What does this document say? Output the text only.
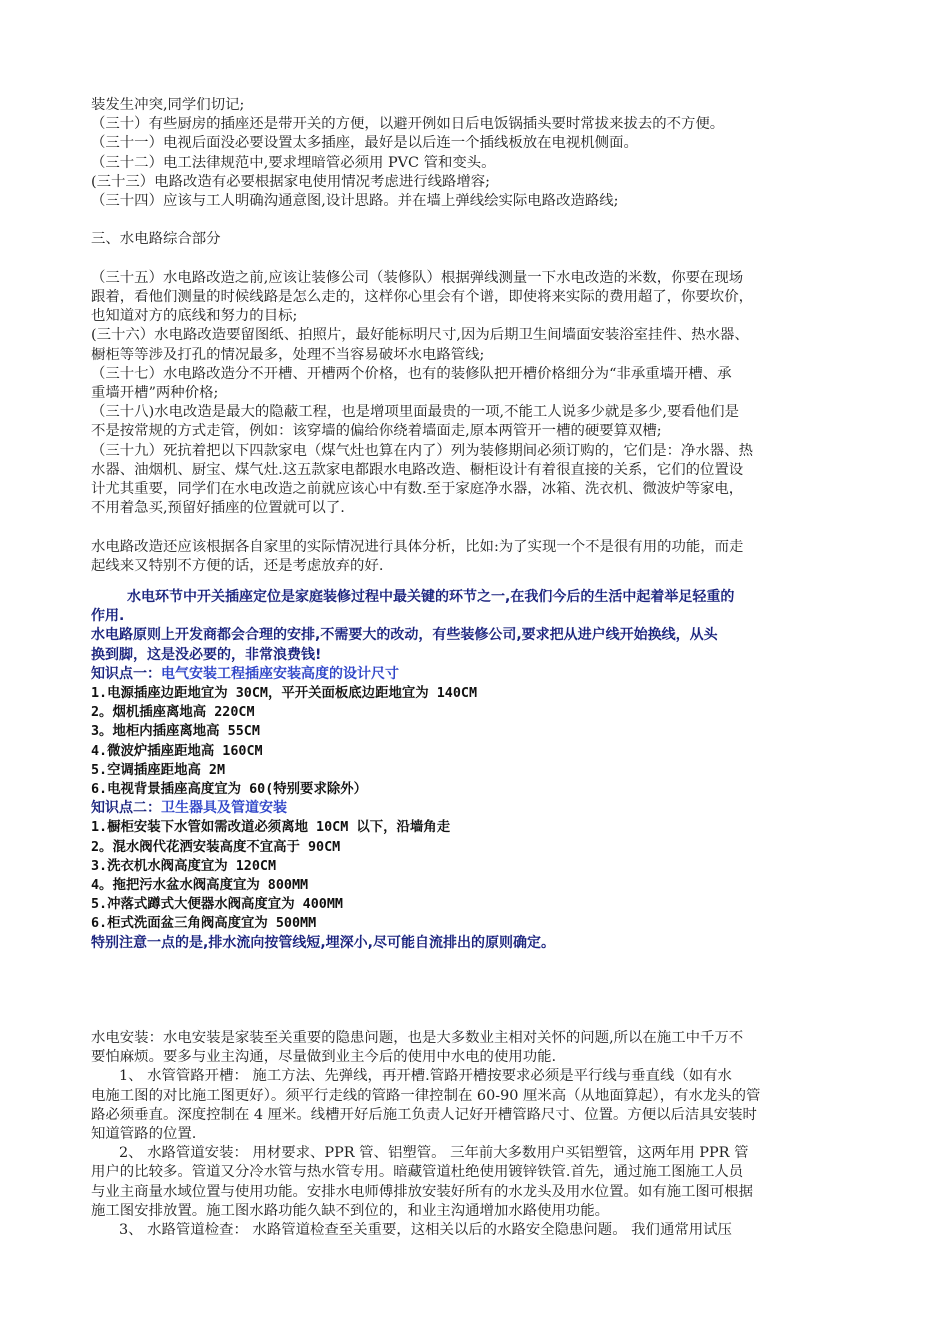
装发生冲突,同学们切记;

（三十）有些厨房的插座还是带开关的方便，以避开例如日后电饭锅插头要时常拔来拔去的不方便。

（三十一）电视后面没必要设置太多插座，最好是以后连一个插线板放在电视机侧面。

（三十二）电工法律规范中,要求埋暗管必须用 PVC 管和变头。

(三十三）电路改造有必要根据家电使用情况考虑进行线路增容;

（三十四）应该与工人明确沟通意图,设计思路。并在墙上弹线绘实际电路改造路线;

三、水电路综合部分

（三十五）水电路改造之前,应该让装修公司（装修队）根据弹线测量一下水电改造的米数，你要在现场

跟着，看他们测量的时候线路是怎么走的，这样你心里会有个谱，即使将来实际的费用超了，你要坎价，

也知道对方的底线和努力的目标;

(三十六）水电路改造要留图纸、拍照片，最好能标明尺寸,因为后期卫生间墙面安装浴室挂件、热水器、

橱柜等等涉及打孔的情况最多，处理不当容易破坏水电路管线;

（三十七）水电路改造分不开槽、开槽两个价格，也有的装修队把开槽价格细分为“非承重墙开槽、承

重墙开槽”两种价格;

（三十八)水电改造是最大的隐蔽工程，也是增项里面最贵的一项,不能工人说多少就是多少,要看他们是

不是按常规的方式走管，例如：该穿墙的偏给你绕着墙面走,原本两管开一槽的硬要算双槽;

（三十九）死抗着把以下四款家电（煤气灶也算在内了）列为装修期间必须订购的，它们是：净水器、热

水器、油烟机、厨宝、煤气灶.这五款家电都跟水电路改造、橱柜设计有着很直接的关系，它们的位置设

计尤其重要，同学们在水电改造之前就应该心中有数.至于家庭净水器，冰箱、洗衣机、微波炉等家电，

不用着急买,预留好插座的位置就可以了.

水电路改造还应该根据各自家里的实际情况进行具体分析，比如:为了实现一个不是很有用的功能，而走

起线来又特别不方便的话，还是考虑放弃的好.

水电环节中开关插座定位是家庭装修过程中最关键的环节之一,在我们今后的生活中起着举足轻重的

作用.

水电路原则上开发商都会合理的安排,不需要大的改动，有些装修公司,要求把从进户线开始换线，从头

换到脚，这是没必要的，非常浪费钱!

知识点一：电气安装工程插座安装高度的设计尺寸

1.电源插座边距地宜为 30CM，平开关面板底边距地宜为 140CM

2。烟机插座离地高 220CM

3。地柜内插座离地高 55CM

4.微波炉插座距地高 160CM

5.空调插座距地高 2M

6.电视背景插座高度宜为 60(特别要求除外）

知识点二：卫生器具及管道安装

1.橱柜安装下水管如需改道必须离地 10CM 以下，沿墙角走

2。混水阀代花洒安装高度不宜高于 90CM

3.洗衣机水阀高度宜为 120CM

4。拖把污水盆水阀高度宜为 800MM

5.冲落式蹲式大便器水阀高度宜为 400MM

6.柜式洗面盆三角阀高度宜为 500MM

特别注意一点的是,排水流向按管线短,埋深小,尽可能自流排出的原则确定。

水电安装：水电安装是家装至关重要的隐患问题，也是大多数业主相对关怀的问题,所以在施工中千万不

要怕麻烦。要多与业主沟通，尽量做到业主今后的使用中水电的使用功能.

1、 水管管路开槽： 施工方法、先弹线，再开槽.管路开槽按要求必须是平行线与垂直线（如有水

电施工图的对比施工图更好）。须平行走线的管路一律控制在 60-90 厘米高（从地面算起），有水龙头的管

路必须垂直。深度控制在 4 厘米。线槽开好后施工负责人记好开槽管路尺寸、位置。方便以后洁具安装时

知道管路的位置.

2、 水路管道安装： 用材要求、PPR 管、铝塑管。 三年前大多数用户买铝塑管，这两年用 PPR 管

用户的比较多。管道又分冷水管与热水管专用。暗藏管道杜绝使用镀锌铁管.首先，通过施工图施工人员

与业主商量水域位置与使用功能。安排水电师傅排放安装好所有的水龙头及用水位置。如有施工图可根据

施工图安排放置。施工图水路功能久缺不到位的，和业主沟通增加水路使用功能。

3、 水路管道检查： 水路管道检查至关重要，这相关以后的水路安全隐患问题。 我们通常用试压
